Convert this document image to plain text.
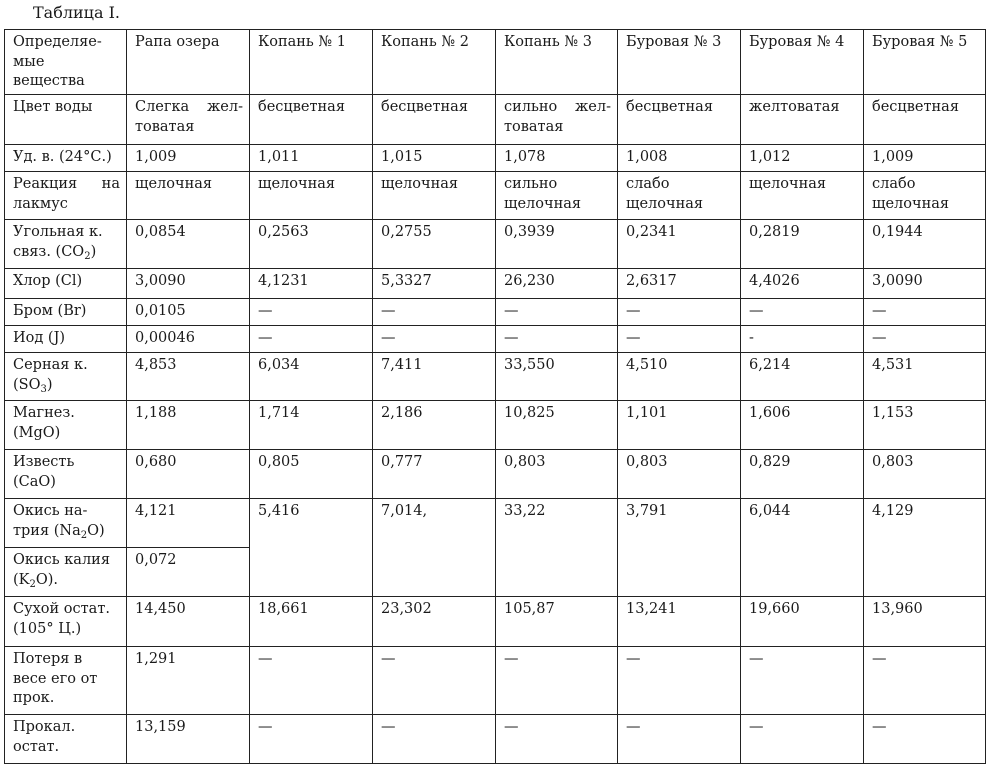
Таблица I.
Определяе-мые вещества	Рапа озера	Копань № 1	Копань № 2	Копань № 3	Буровая № 3	Буровая № 4	Буровая № 5
Цвет воды	Слегка жел-товатая	бесцветная	бесцветная	сильно жел-товатая	бесцветная	желтоватая	бесцветная
Уд. в. (24°С.)	1,009	1,011	1,015	1,078	1,008	1,012	1,009
Реакция на лакмус	щелочная	щелочная	щелочная	сильно щелочная	слабо щелочная	щелочная	слабо щелочная
Угольная к. связ. $(СО_2)$	0,0854	0,2563	0,2755	0,3939	0,2341	0,2819	0,1944
Хлор (Cl)	3,0090	4,1231	5,3327	26,230	2,6317	4,4026	3,0090
Бром (Br)	0,0105	—	—	—	—	—	—
Иод (J)	0,00046	—	—	—	—	-	—
Серная к. $(SO_3)$	4,853	6,034	7,411	33,550	4,510	6,214	4,531
Магнез. (MgO)	1,188	1,714	2,186	10,825	1,101	1,606	1,153
Известь (CaO)	0,680	0,805	0,777	0,803	0,803	0,829	0,803
Окись на-трия $(Na_2O)$	4,121	5,416	7,014,	33,22	3,791	6,044	4,129
Окись калия $(K_2O)$.	0,072						
Сухой остат. (105° Ц.)	14,450	18,661	23,302	105,87	13,241	19,660	13,960
Потеря в весе его от прок.	1,291	—	—	—	—	—	—
Прокал. остат.	13,159	—	—	—	—	—	—
